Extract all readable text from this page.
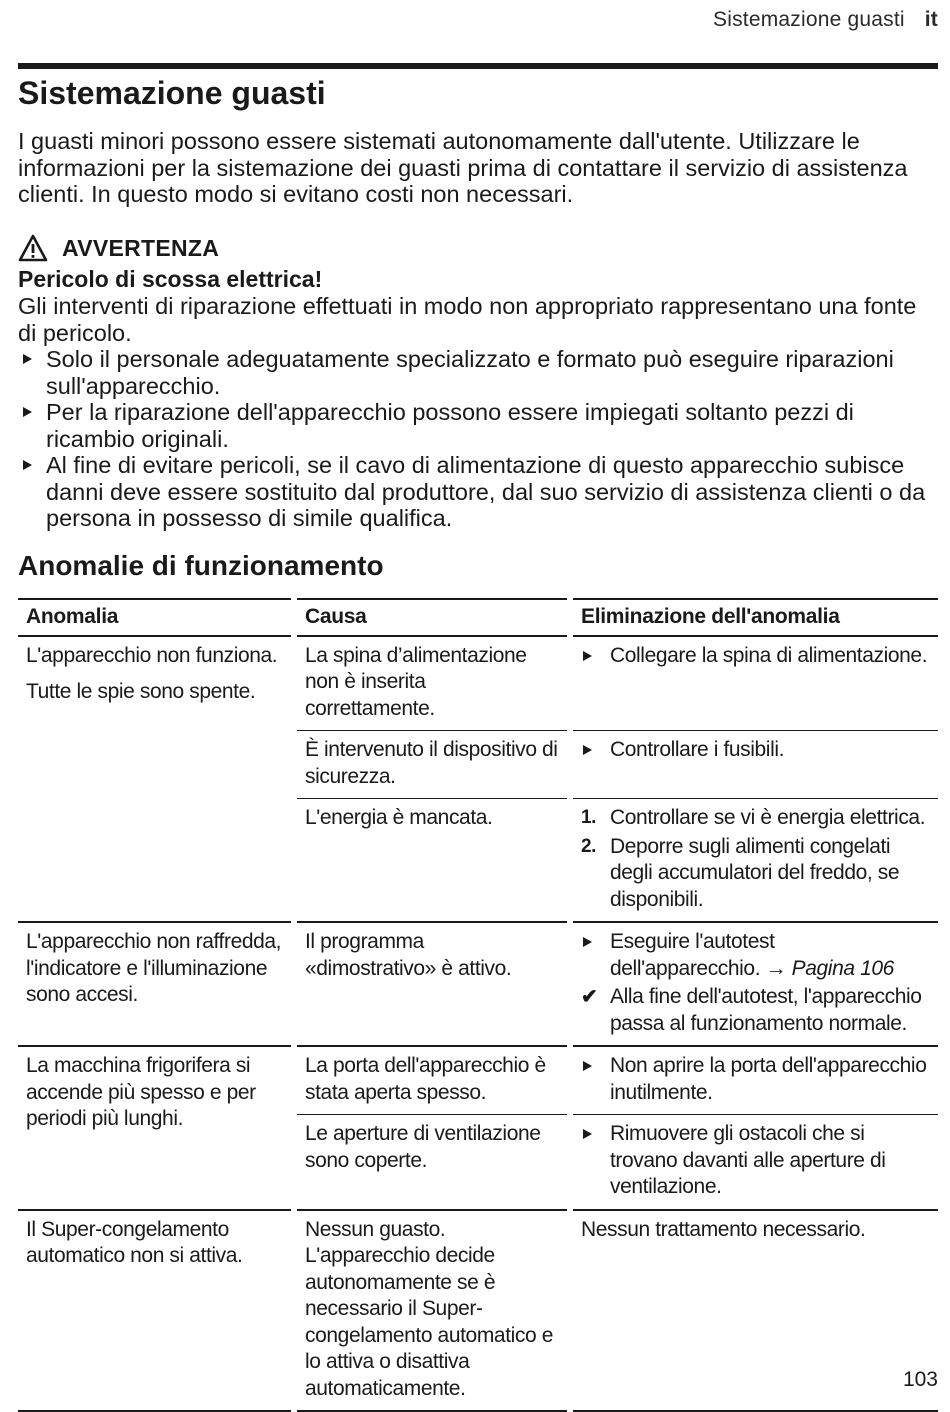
Sistemazione guasti it
Sistemazione guasti

I guasti minori possono essere sistemati autonomamente dall'utente. Utilizzare le informazioni per la sistemazione dei guasti prima di contattare il servizio di assistenza clienti. In questo modo si evitano costi non necessari.

AVVERTENZA
Pericolo di scossa elettrica!
Gli interventi di riparazione effettuati in modo non appropriato rappresentano una fonte di pericolo.
Solo il personale adeguatamente specializzato e formato può eseguire riparazioni sull'apparecchio.
Per la riparazione dell'apparecchio possono essere impiegati soltanto pezzi di ricambio originali.
Al fine di evitare pericoli, se il cavo di alimentazione di questo apparecchio subisce danni deve essere sostituito dal produttore, dal suo servizio di assistenza clienti o da persona in possesso di simile qualifica.
Anomalie di funzionamento
Anomalia	Causa	Eliminazione dell'anomalia

L'apparecchio non funziona.

Tutte le spie sono spente.	La spina d’alimentazione non è inserita correttamente.	Collegare la spina di alimentazione.

	È intervenuto il dispositivo di sicurezza.	Controllare i fusibili.

	L'energia è mancata.	1. Controllare se vi è energia elettrica.

2. Deporre sugli alimenti congelati degli accumulatori del freddo, se disponibili.

L'apparecchio non raffredda, l'indicatore e l'illuminazione sono accesi.	Il programma «dimostrativo» è attivo.	Eseguire l'autotest dell'apparecchio. → Pagina 106

✔ Alla fine dell'autotest, l'apparecchio passa al funzionamento normale.

La macchina frigorifera si accende più spesso e per periodi più lunghi.	La porta dell'apparecchio è stata aperta spesso.	Non aprire la porta dell'apparecchio inutilmente.

	Le aperture di ventilazione sono coperte.	Rimuovere gli ostacoli che si trovano davanti alle aperture di ventilazione.

Il Super-congelamento automatico non si attiva.	Nessun guasto. L'apparecchio decide autonomamente se è necessario il Super-congelamento automatico e lo attiva o disattiva automaticamente.	Nessun trattamento necessario.
103
